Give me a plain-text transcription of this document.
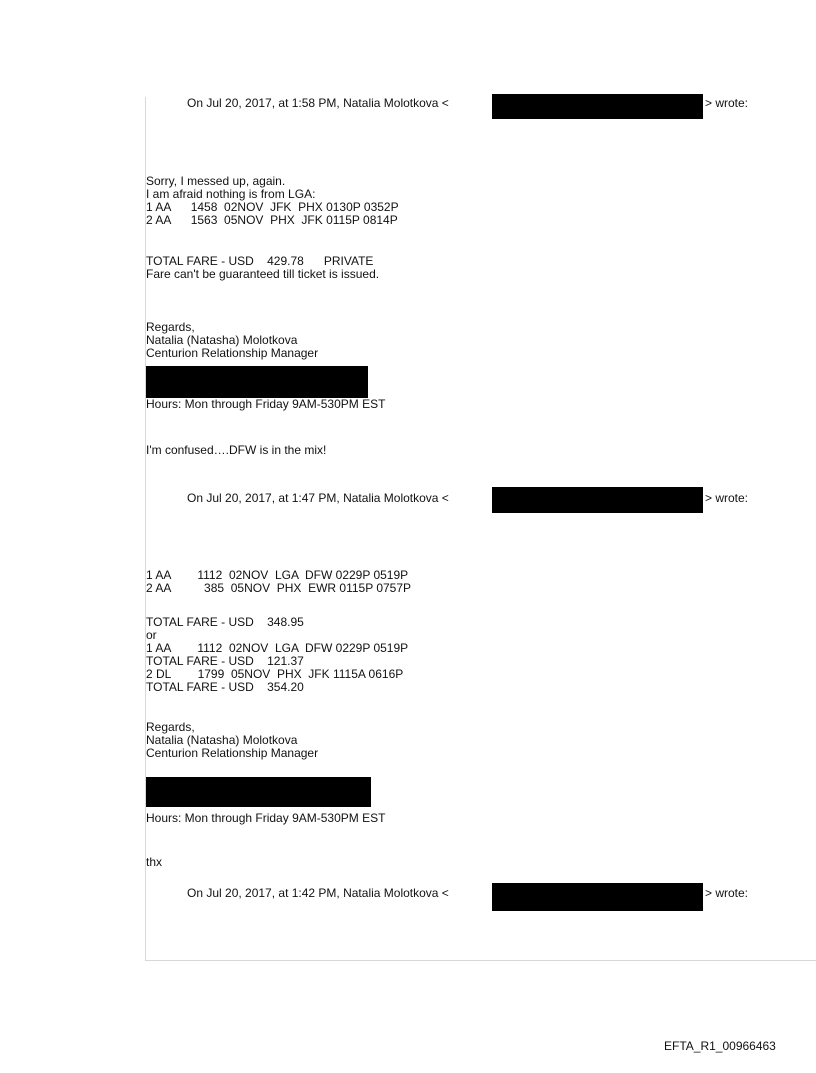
On Jul 20, 2017, at 1:58 PM, Natalia Molotkova <	> wrote:
Sorry, I messed up, again.
I am afraid nothing is from LGA:
1 AA      1458  02NOV  JFK  PHX 0130P 0352P
2 AA      1563  05NOV  PHX  JFK 0115P 0814P
TOTAL FARE - USD    429.78      PRIVATE
Fare can't be guaranteed till ticket is issued.
Regards,
Natalia (Natasha) Molotkova
Centurion Relationship Manager
Hours: Mon through Friday 9AM-530PM EST
I'm confused….DFW is in the mix!
On Jul 20, 2017, at 1:47 PM, Natalia Molotkova <	> wrote:
1 AA        1112  02NOV  LGA  DFW 0229P 0519P
2 AA          385  05NOV  PHX  EWR 0115P 0757P
TOTAL FARE - USD    348.95
or
1 AA        1112  02NOV  LGA  DFW 0229P 0519P
TOTAL FARE - USD    121.37
2 DL        1799  05NOV  PHX  JFK 1115A 0616P
TOTAL FARE - USD    354.20
Regards,
Natalia (Natasha) Molotkova
Centurion Relationship Manager
Hours: Mon through Friday 9AM-530PM EST
thx
On Jul 20, 2017, at 1:42 PM, Natalia Molotkova <	> wrote:
EFTA_R1_00966463
